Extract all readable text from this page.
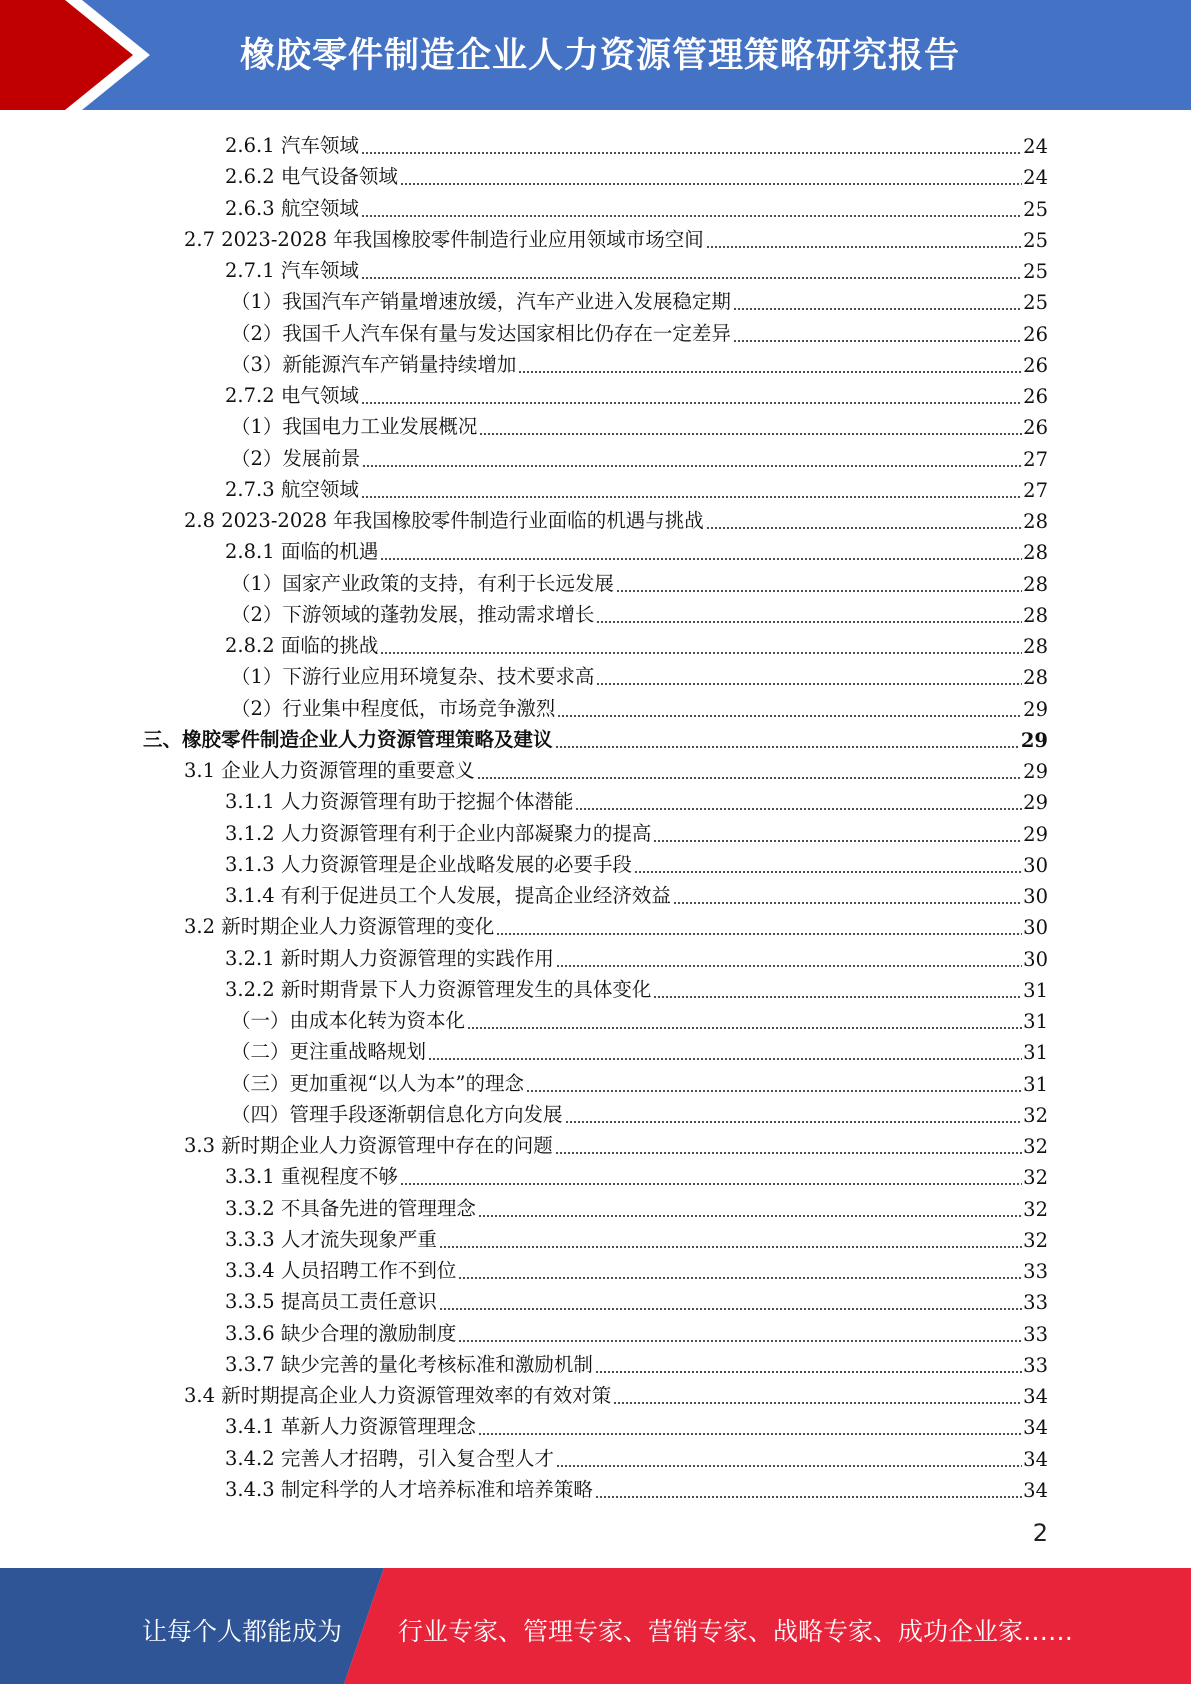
橡胶零件制造企业人力资源管理策略研究报告
2.6.1 汽车领域	24
2.6.2 电气设备领域	24
2.6.3 航空领域	25
2.7 2023-2028 年我国橡胶零件制造行业应用领域市场空间	25
2.7.1 汽车领域	25
（1）我国汽车产销量增速放缓，汽车产业进入发展稳定期	25
（2）我国千人汽车保有量与发达国家相比仍存在一定差异	26
（3）新能源汽车产销量持续增加	26
2.7.2 电气领域	26
（1）我国电力工业发展概况	26
（2）发展前景	27
2.7.3 航空领域	27
2.8 2023-2028 年我国橡胶零件制造行业面临的机遇与挑战	28
2.8.1 面临的机遇	28
（1）国家产业政策的支持，有利于长远发展	28
（2）下游领域的蓬勃发展，推动需求增长	28
2.8.2 面临的挑战	28
（1）下游行业应用环境复杂、技术要求高	28
（2）行业集中程度低，市场竞争激烈	29
三、橡胶零件制造企业人力资源管理策略及建议	29
3.1 企业人力资源管理的重要意义	29
3.1.1 人力资源管理有助于挖掘个体潜能	29
3.1.2 人力资源管理有利于企业内部凝聚力的提高	29
3.1.3 人力资源管理是企业战略发展的必要手段	30
3.1.4 有利于促进员工个人发展，提高企业经济效益	30
3.2 新时期企业人力资源管理的变化	30
3.2.1 新时期人力资源管理的实践作用	30
3.2.2 新时期背景下人力资源管理发生的具体变化	31
（一）由成本化转为资本化	31
（二）更注重战略规划	31
（三）更加重视“以人为本”的理念	31
（四）管理手段逐渐朝信息化方向发展	32
3.3 新时期企业人力资源管理中存在的问题	32
3.3.1 重视程度不够	32
3.3.2 不具备先进的管理理念	32
3.3.3 人才流失现象严重	32
3.3.4 人员招聘工作不到位	33
3.3.5 提高员工责任意识	33
3.3.6 缺少合理的激励制度	33
3.3.7 缺少完善的量化考核标准和激励机制	33
3.4 新时期提高企业人力资源管理效率的有效对策	34
3.4.1 革新人力资源管理理念	34
3.4.2 完善人才招聘，引入复合型人才	34
3.4.3 制定科学的人才培养标准和培养策略	34
2
让每个人都能成为 行业专家、管理专家、营销专家、战略专家、成功企业家……
